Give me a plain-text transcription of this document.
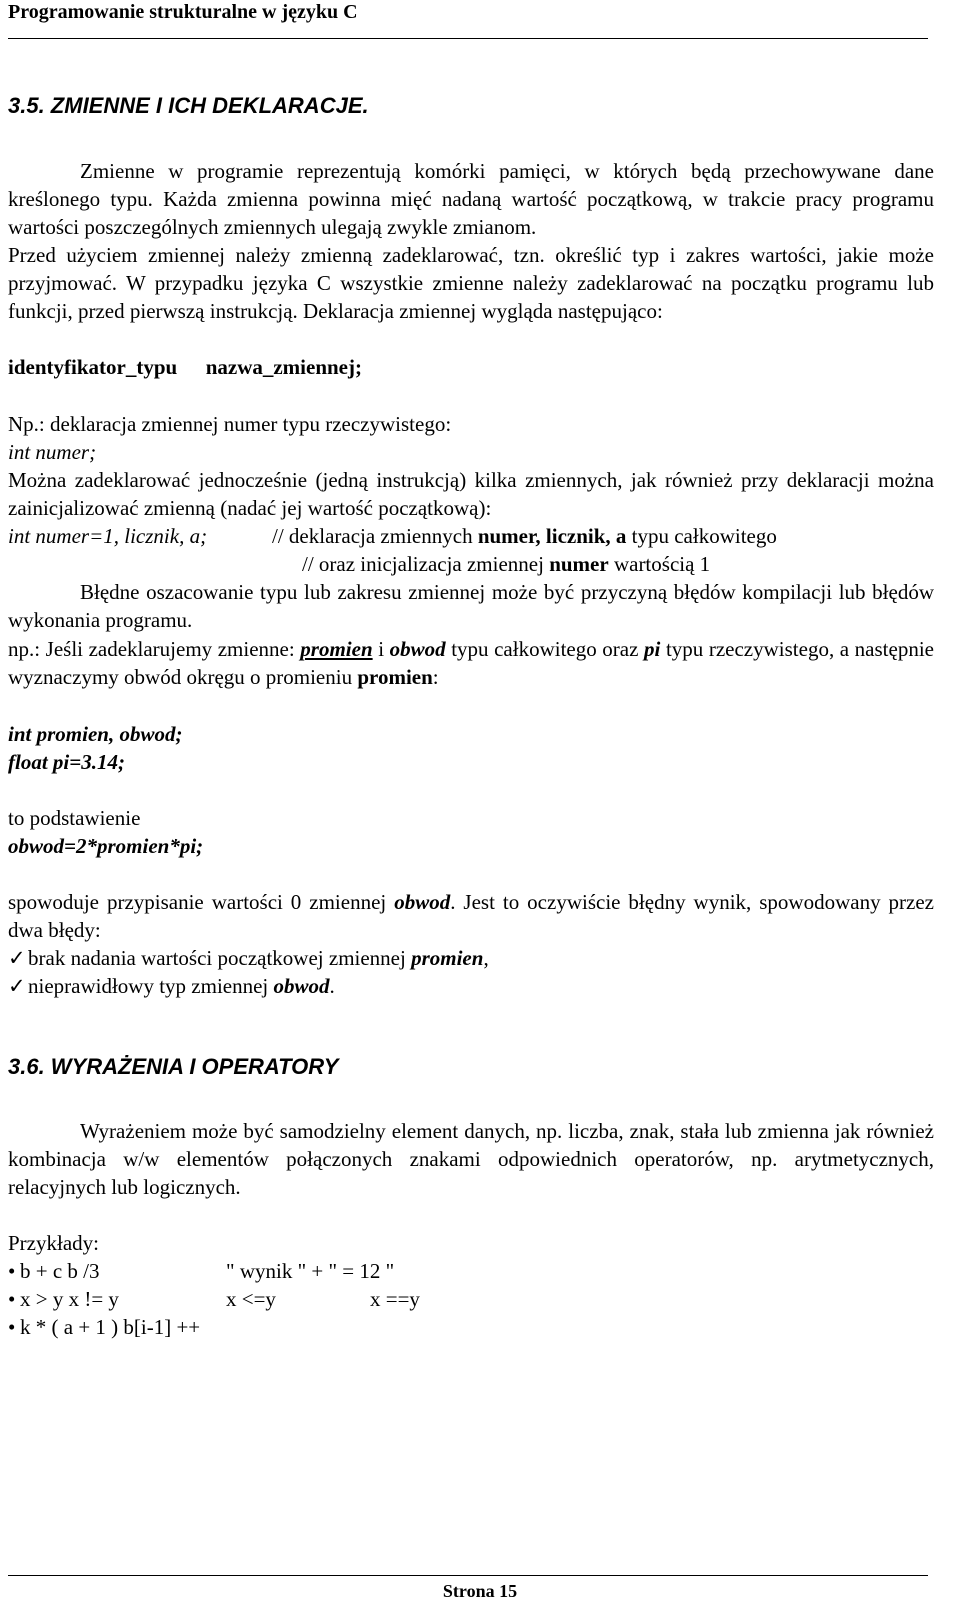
Programowanie strukturalne w języku C
3.5. ZMIENNE I ICH DEKLARACJE.
Zmienne w programie reprezentują komórki pamięci, w których będą przechowywane dane kreślonego typu. Każda zmienna powinna mięć nadaną wartość początkową, w trakcie pracy programu wartości poszczególnych zmiennych ulegają zwykle zmianom.
Przed użyciem zmiennej należy zmienną zadeklarować, tzn. określić typ i zakres wartości, jakie może przyjmować. W przypadku języka C wszystkie zmienne należy zadeklarować na początku programu lub funkcji, przed pierwszą instrukcją. Deklaracja zmiennej wygląda następująco:
identyfikator_typu nazwa_zmiennej;
Np.: deklaracja zmiennej numer typu rzeczywistego:
int numer;
Można zadeklarować jednocześnie (jedną instrukcją) kilka zmiennych, jak również przy deklaracji można zainicjalizować zmienną (nadać jej wartość początkową):
int numer=1, licznik, a;	// deklaracja zmiennych numer, licznik, a typu całkowitego
// oraz inicjalizacja zmiennej numer wartością 1
Błędne oszacowanie typu lub zakresu zmiennej może być przyczyną błędów kompilacji lub błędów wykonania programu.
np.: Jeśli zadeklarujemy zmienne: promien i obwod typu całkowitego oraz pi typu rzeczywistego, a następnie wyznaczymy obwód okręgu o promieniu promien:
int promien, obwod;
float pi=3.14;
to podstawienie
obwod=2*promien*pi;
spowoduje przypisanie wartości 0 zmiennej obwod. Jest to oczywiście błędny wynik, spowodowany przez dwa błędy:
✓ brak nadania wartości początkowej zmiennej promien,
✓ nieprawidłowy typ zmiennej obwod.
3.6. WYRAŻENIA I OPERATORY
Wyrażeniem może być samodzielny element danych, np. liczba, znak, stała lub zmienna jak również kombinacja w/w elementów połączonych znakami odpowiednich operatorów, np. arytmetycznych, relacyjnych lub logicznych.
Przykłady:
• b + c b /3	" wynik " + " = 12 "
• x > y x != y	x <=y	x ==y
• k * ( a + 1 ) b[i-1] ++
Strona 15
